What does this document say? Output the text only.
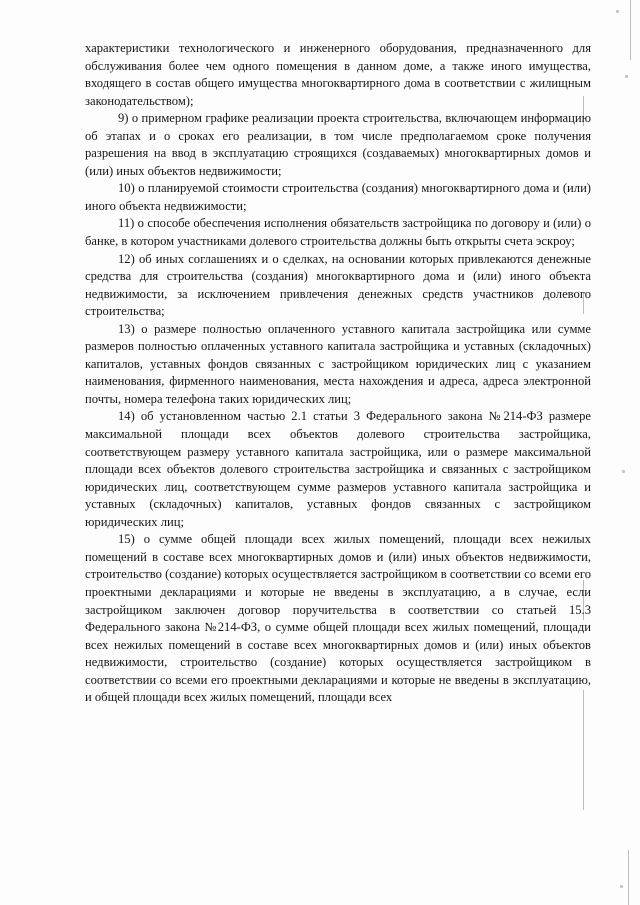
характеристики технологического и инженерного оборудования, предназначенного для обслуживания более чем одного помещения в данном доме, а также иного имущества, входящего в состав общего имущества многоквартирного дома в соответствии с жилищным законодательством);

9) о примерном графике реализации проекта строительства, включающем информацию об этапах и о сроках его реализации, в том числе предполагаемом сроке получения разрешения на ввод в эксплуатацию строящихся (создаваемых) многоквартирных домов и (или) иных объектов недвижимости;

10) о планируемой стоимости строительства (создания) многоквартирного дома и (или) иного объекта недвижимости;

11) о способе обеспечения исполнения обязательств застройщика по договору и (или) о банке, в котором участниками долевого строительства должны быть открыты счета эскроу;

12) об иных соглашениях и о сделках, на основании которых привлекаются денежные средства для строительства (создания) многоквартирного дома и (или) иного объекта недвижимости, за исключением привлечения денежных средств участников долевого строительства;

13) о размере полностью оплаченного уставного капитала застройщика или сумме размеров полностью оплаченных уставного капитала застройщика и уставных (складочных) капиталов, уставных фондов связанных с застройщиком юридических лиц с указанием наименования, фирменного наименования, места нахождения и адреса, адреса электронной почты, номера телефона таких юридических лиц;

14) об установленном частью 2.1 статьи 3 Федерального закона №214-ФЗ размере максимальной площади всех объектов долевого строительства застройщика, соответствующем размеру уставного капитала застройщика, или о размере максимальной площади всех объектов долевого строительства застройщика и связанных с застройщиком юридических лиц, соответствующем сумме размеров уставного капитала застройщика и уставных (складочных) капиталов, уставных фондов связанных с застройщиком юридических лиц;

15) о сумме общей площади всех жилых помещений, площади всех нежилых помещений в составе всех многоквартирных домов и (или) иных объектов недвижимости, строительство (создание) которых осуществляется застройщиком в соответствии со всеми его проектными декларациями и которые не введены в эксплуатацию, а в случае, если застройщиком заключен договор поручительства в соответствии со статьей 15.3 Федерального закона №214-ФЗ, о сумме общей площади всех жилых помещений, площади всех нежилых помещений в составе всех многоквартирных домов и (или) иных объектов недвижимости, строительство (создание) которых осуществляется застройщиком в соответствии со всеми его проектными декларациями и которые не введены в эксплуатацию, и общей площади всех жилых помещений, площади всех
